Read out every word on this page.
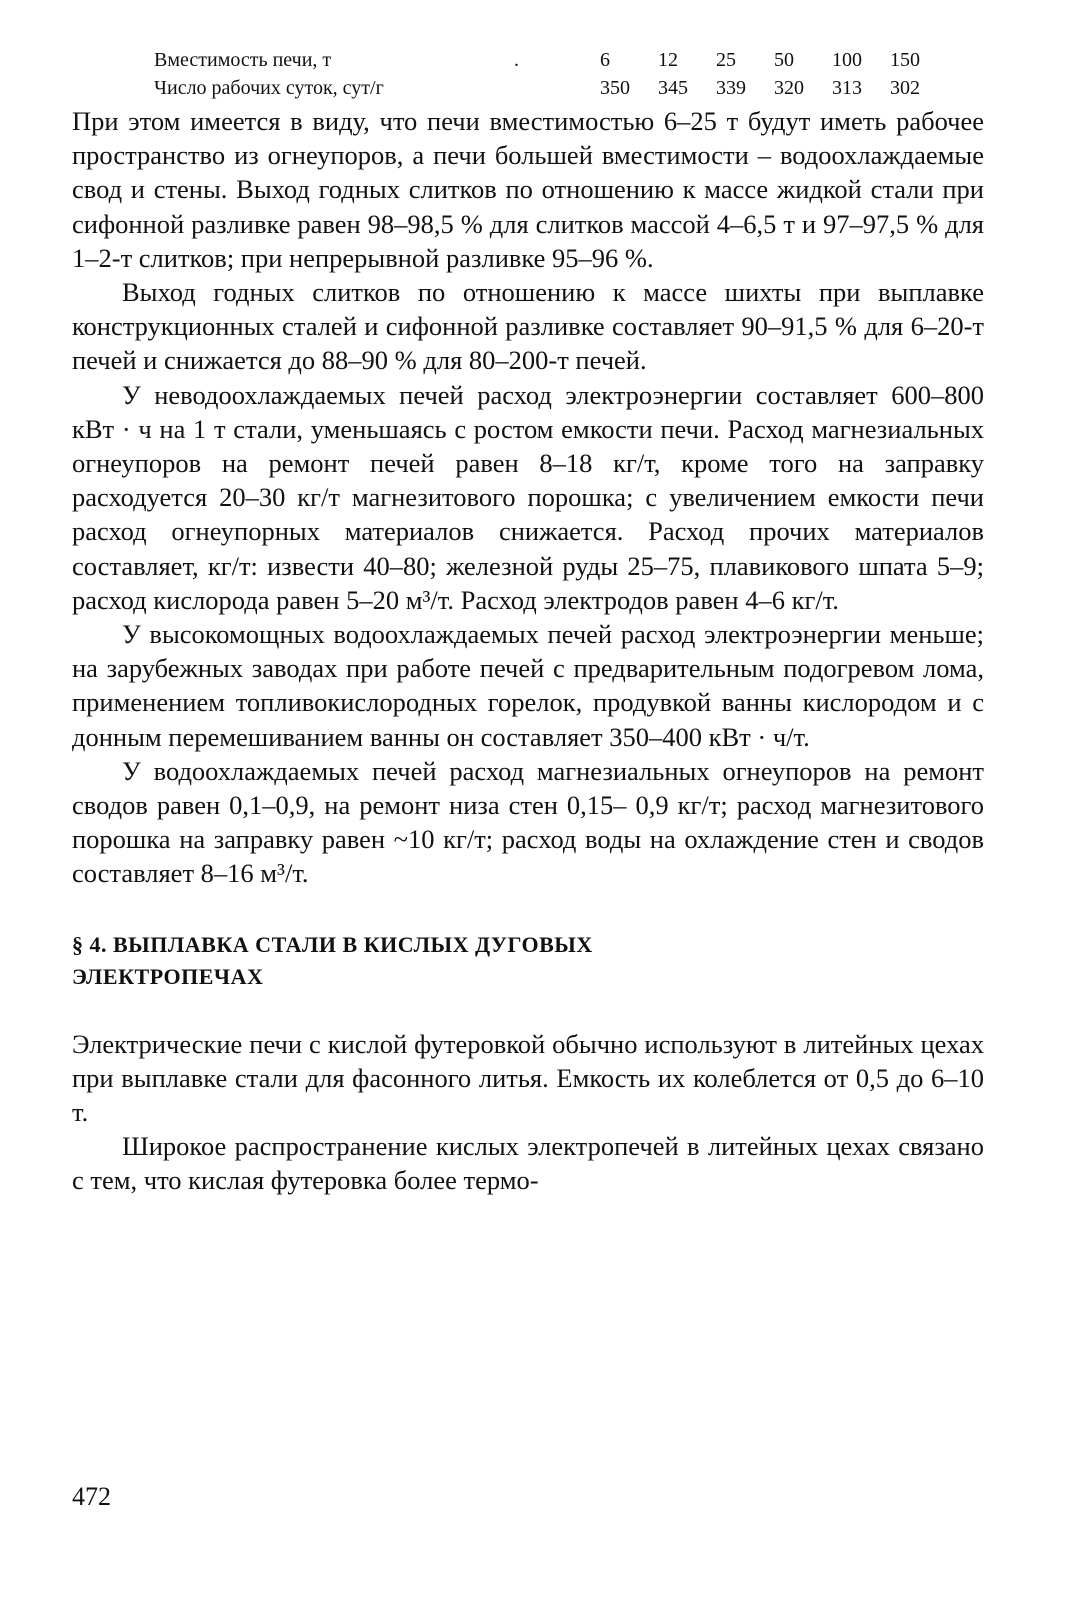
Вместимость печи, т	.	6	12	25	50	100	150
Число рабочих суток, сут/г		350	345	339	320	313	302

При этом имеется в виду, что печи вместимостью 6–25 т будут иметь рабочее пространство из огнеупоров, а печи большей вместимости – водоохлаждаемые свод и стены. Выход годных слитков по отношению к массе жидкой стали при сифонной разливке равен 98–98,5 % для слитков массой 4–6,5 т и 97–97,5 % для 1–2-т слитков; при непрерывной разливке 95–96 %.

Выход годных слитков по отношению к массе шихты при выплавке конструкционных сталей и сифонной разливке составляет 90–91,5 % для 6–20-т печей и снижается до 88–90 % для 80–200-т печей.

У неводоохлаждаемых печей расход электроэнергии составляет 600–800 кВт · ч на 1 т стали, уменьшаясь с ростом емкости печи. Расход магнезиальных огнеупоров на ремонт печей равен 8–18 кг/т, кроме того на заправку расходуется 20–30 кг/т магнезитового порошка; с увеличением емкости печи расход огнеупорных материалов снижается. Расход прочих материалов составляет, кг/т: извести 40–80; железной руды 25–75, плавикового шпата 5–9; расход кислорода равен 5–20 м³/т. Расход электродов равен 4–6 кг/т.

У высокомощных водоохлаждаемых печей расход электроэнергии меньше; на зарубежных заводах при работе печей с предварительным подогревом лома, применением топливокислородных горелок, продувкой ванны кислородом и с донным перемешиванием ванны он составляет 350–400 кВт · ч/т.

У водоохлаждаемых печей расход магнезиальных огнеупоров на ремонт сводов равен 0,1–0,9, на ремонт низа стен 0,15– 0,9 кг/т; расход магнезитового порошка на заправку равен ~10 кг/т; расход воды на охлаждение стен и сводов составляет 8–16 м³/т.

§ 4. ВЫПЛАВКА СТАЛИ В КИСЛЫХ ДУГОВЫХ
ЭЛЕКТРОПЕЧАХ

Электрические печи с кислой футеровкой обычно используют в литейных цехах при выплавке стали для фасонного литья. Емкость их колеблется от 0,5 до 6–10 т.

Широкое распространение кислых электропечей в литейных цехах связано с тем, что кислая футеровка более термо-

472
